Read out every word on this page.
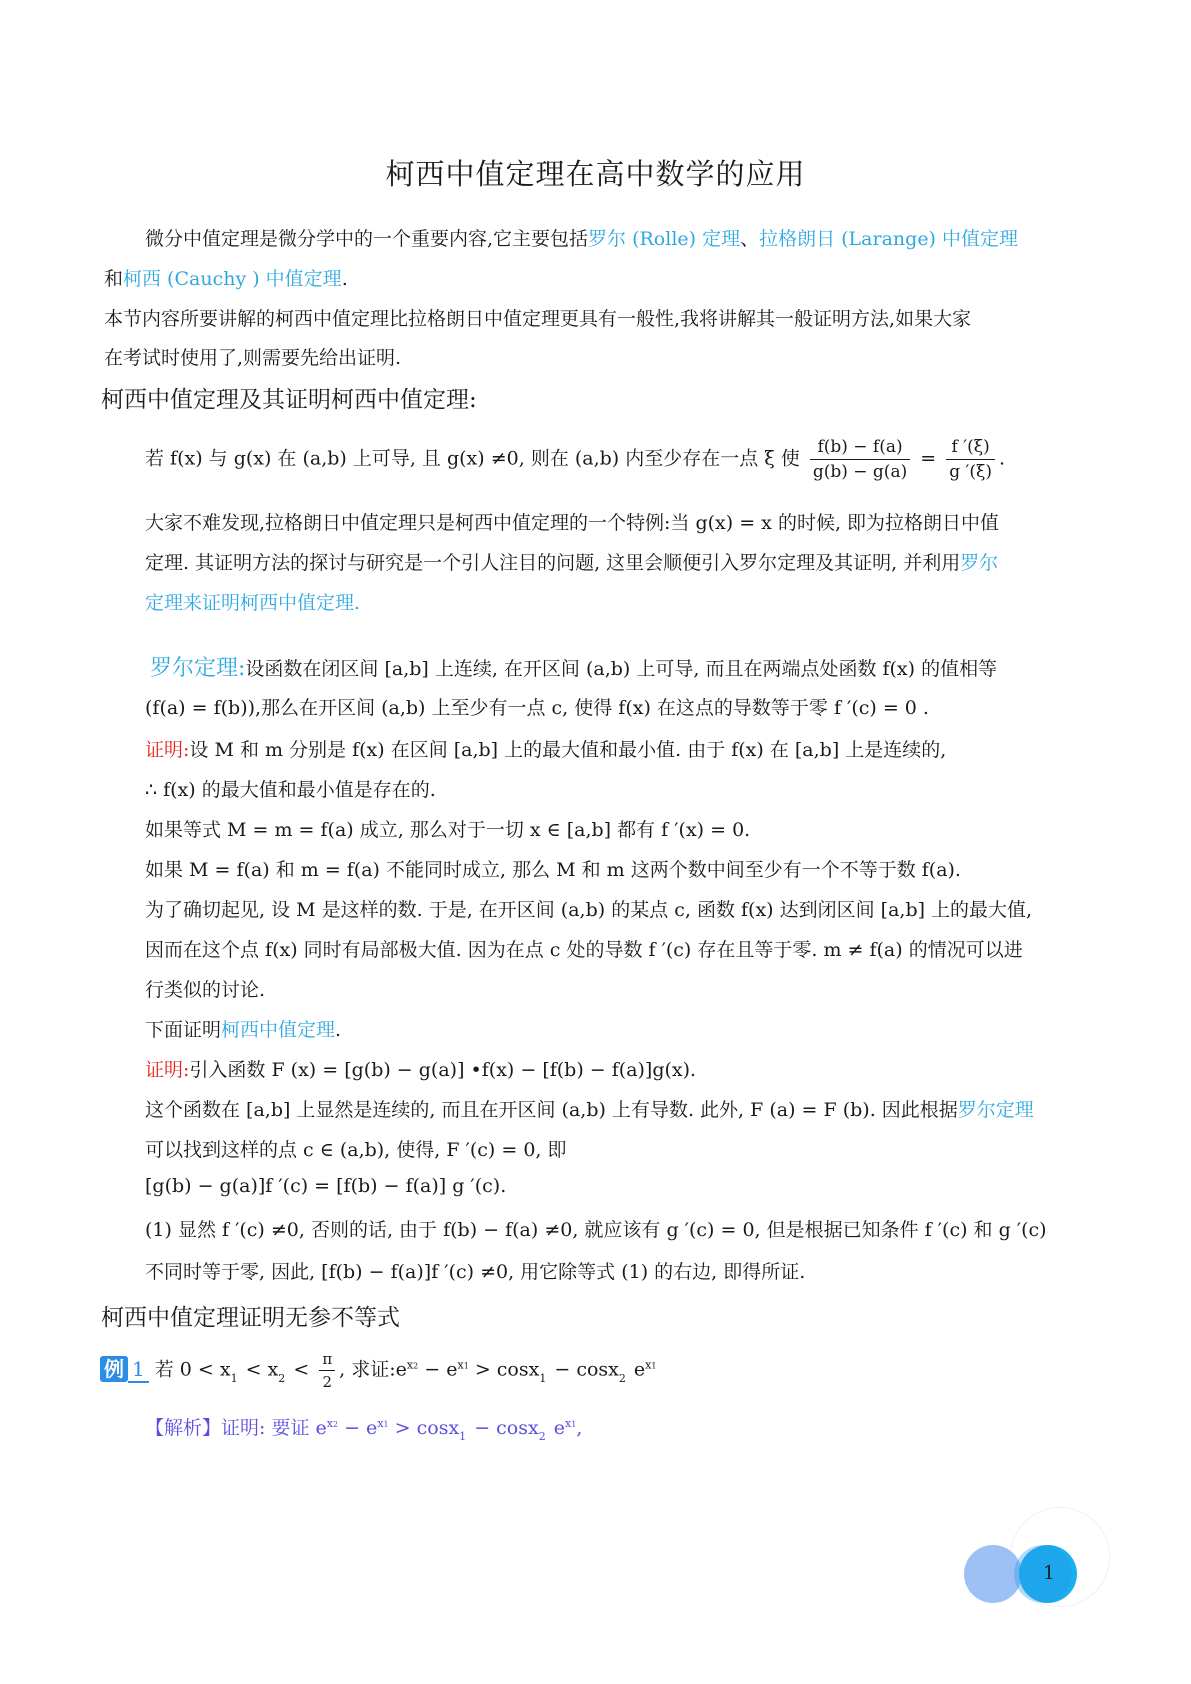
柯西中值定理在高中数学的应用
微分中值定理是微分学中的一个重要内容,它主要包括罗尔 (Rolle) 定理、拉格朗日 (Larange) 中值定理
和柯西 (Cauchy ) 中值定理.
本节内容所要讲解的柯西中值定理比拉格朗日中值定理更具有一般性,我将讲解其一般证明方法,如果大家
在考试时使用了,则需要先给出证明.
柯西中值定理及其证明柯西中值定理:
若 f(x) 与 g(x) 在 (a,b) 上可导, 且 g(x) ≠0, 则在 (a,b) 内至少存在一点 ξ 使 $\frac{f(b) - f(a)}{g(b) - g(a)} = \frac{f '(\xi)}{g '(\xi)}$ .
大家不难发现,拉格朗日中值定理只是柯西中值定理的一个特例:当 g(x) = x 的时候, 即为拉格朗日中值
定理. 其证明方法的探讨与研究是一个引人注目的问题, 这里会顺便引入罗尔定理及其证明, 并利用罗尔
定理来证明柯西中值定理.
罗尔定理:设函数在闭区间 [a,b] 上连续, 在开区间 (a,b) 上可导, 而且在两端点处函数 f(x) 的值相等
(f(a) = f(b)),那么在开区间 (a,b) 上至少有一点 c, 使得 f(x) 在这点的导数等于零 f ′(c) = 0 .
证明:设 M 和 m 分别是 f(x) 在区间 [a,b] 上的最大值和最小值. 由于 f(x) 在 [a,b] 上是连续的,
∴ f(x) 的最大值和最小值是存在的.
如果等式 M = m = f(a) 成立, 那么对于一切 x ∈ [a,b] 都有 f ′(x) = 0.
如果 M = f(a) 和 m = f(a) 不能同时成立, 那么 M 和 m 这两个数中间至少有一个不等于数 f(a).
为了确切起见, 设 M 是这样的数. 于是, 在开区间 (a,b) 的某点 c, 函数 f(x) 达到闭区间 [a,b] 上的最大值,
因而在这个点 f(x) 同时有局部极大值. 因为在点 c 处的导数 f ′(c) 存在且等于零. m ≠ f(a) 的情况可以进
行类似的讨论.
下面证明柯西中值定理.
证明:引入函数 F (x) = [g(b) − g(a)] •f(x) − [f(b) − f(a)]g(x).
这个函数在 [a,b] 上显然是连续的, 而且在开区间 (a,b) 上有导数. 此外, F (a) = F (b). 因此根据罗尔定理
可以找到这样的点 c ∈ (a,b), 使得, F ′(c) = 0, 即
[g(b) − g(a)]f ′(c) = [f(b) − f(a)] g ′(c).
(1) 显然 f ′(c) ≠0, 否则的话, 由于 f(b) − f(a) ≠0, 就应该有 g ′(c) = 0, 但是根据已知条件 f ′(c) 和 g ′(c)
不同时等于零, 因此, [f(b) − f(a)]f ′(c) ≠0, 用它除等式 (1) 的右边, 即得所证.
柯西中值定理证明无参不等式
例 1 若 $0 < x_1 < x_2 < \frac{\pi}{2}$ , 求证$:e^{x2} - e^{x1} > \cos x_1 - \cos x_2$ $e^{x1}$
【解析】证明: 要证 $e^{x2} - e^{x1} > \cos x_1 - \cos x_2$ $e^{x1}$,
1
